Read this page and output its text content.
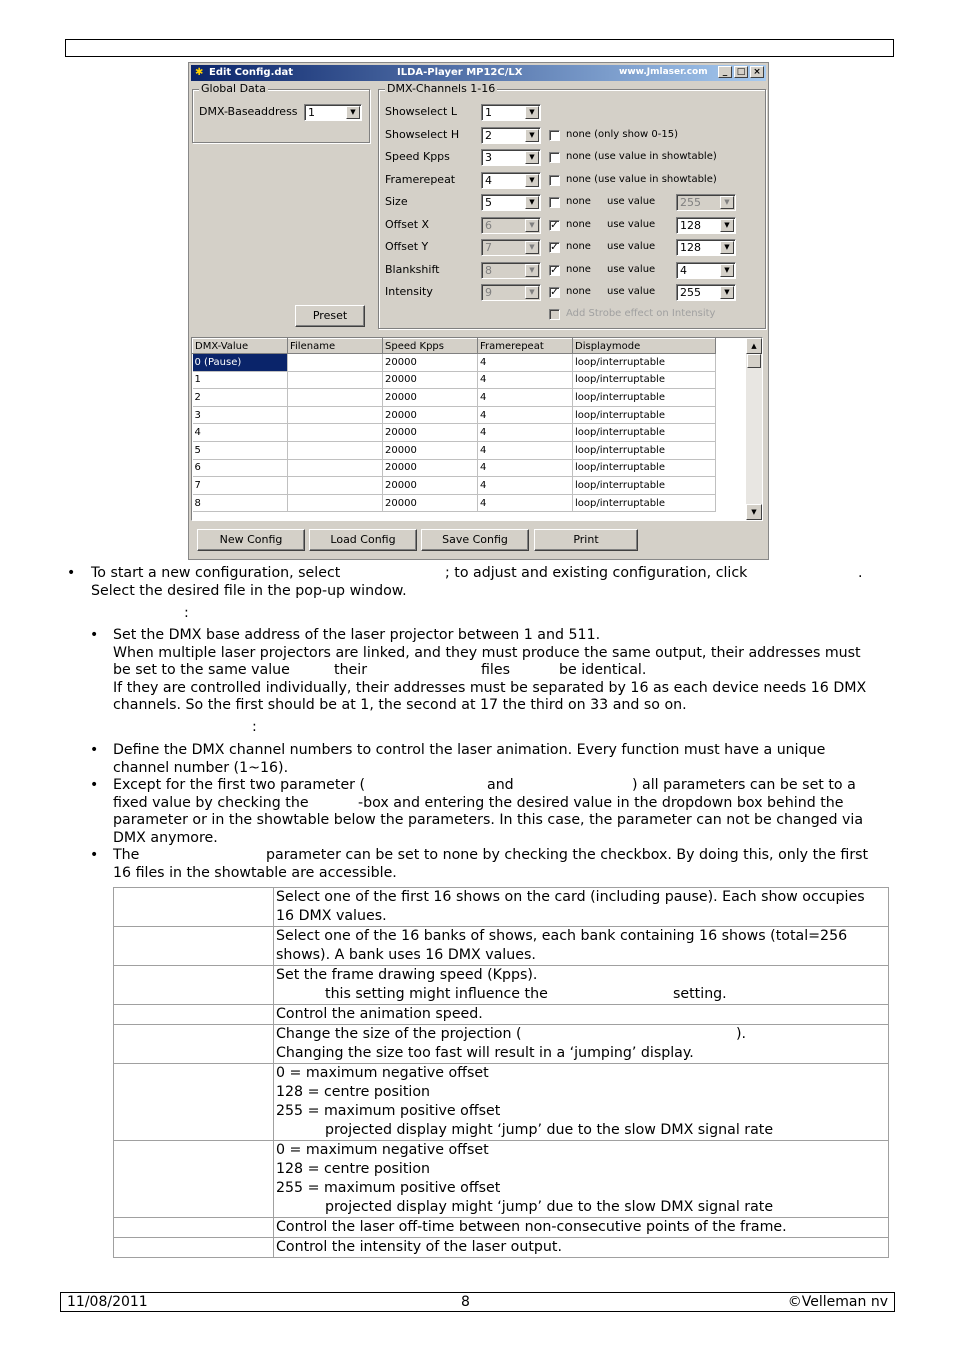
✱ Edit Config.dat	ILDA-Player MP12C/LX	www.Jmlaser.com	_	□ ×
Global Data
DMX-Baseaddress 1	▼
Preset
DMX-Channels 1-16
Showselect L	1	▼
Showselect H 2	▼	none (only show 0-15)
Speed Kpps	3	▼	none (use value in showtable)
Framerepeat	4	▼	none (use value in showtable)
Size	5	▼	none use value 255	▼
Offset X	6	▼	✓ none use value 128	▼
Offset Y	7	▼	✓ none use value 128	▼
Blankshift	8	▼	✓ none use value 4	▼
Intensity	9	▼	✓ none use value 255	▼
Add Strobe effect on Intensity
DMX-Value	Filename	Speed Kpps	Framerepeat	Displaymode
0 (Pause)		20000	4	loop/interruptable
1		20000	4	loop/interruptable
2		20000	4	loop/interruptable
3		20000	4	loop/interruptable
4		20000	4	loop/interruptable
5		20000	4	loop/interruptable
6		20000	4	loop/interruptable
7		20000	4	loop/interruptable
8		20000	4	loop/interruptable
▲
▼
New Config	Load Config	Save Config	Print
• To start a new configuration, select	; to adjust and existing configuration, click	.
Select the desired file in the pop-up window.
:
• Set the DMX base address of the laser projector between 1 and 511.
When multiple laser projectors are linked, and they must produce the same output, their addresses must
be set to the same value	their	files	be identical.
If they are controlled individually, their addresses must be separated by 16 as each device needs 16 DMX
channels. So the first should be at 1, the second at 17 the third on 33 and so on.
:
• Define the DMX channel numbers to control the laser animation. Every function must have a unique
channel number (1~16).
• Except for the first two parameter (	and	) all parameters can be set to a
fixed value by checking the	-box and entering the desired value in the dropdown box behind the
parameter or in the showtable below the parameters. In this case, the parameter can not be changed via
DMX anymore.
• The	parameter can be set to none by checking the checkbox. By doing this, only the first
16 files in the showtable are accessible.

	Select one of the first 16 shows on the card (including pause). Each show occupies
16 DMX values.

	Select one of the 16 banks of shows, each bank containing 16 shows (total=256
shows). A bank uses 16 DMX values.

	Set the frame drawing speed (Kpps).
this setting might influence the setting.

	Control the animation speed.

	Change the size of the projection ( ).
Changing the size too fast will result in a ‘jumping’ display.

	0 = maximum negative offset
128 = centre position
255 = maximum positive offset
projected display might ‘jump’ due to the slow DMX signal rate

	0 = maximum negative offset
128 = centre position
255 = maximum positive offset
projected display might ‘jump’ due to the slow DMX signal rate

	Control the laser off-time between non-consecutive points of the frame.

	Control the intensity of the laser output.
11/08/2011	8	©Velleman nv
